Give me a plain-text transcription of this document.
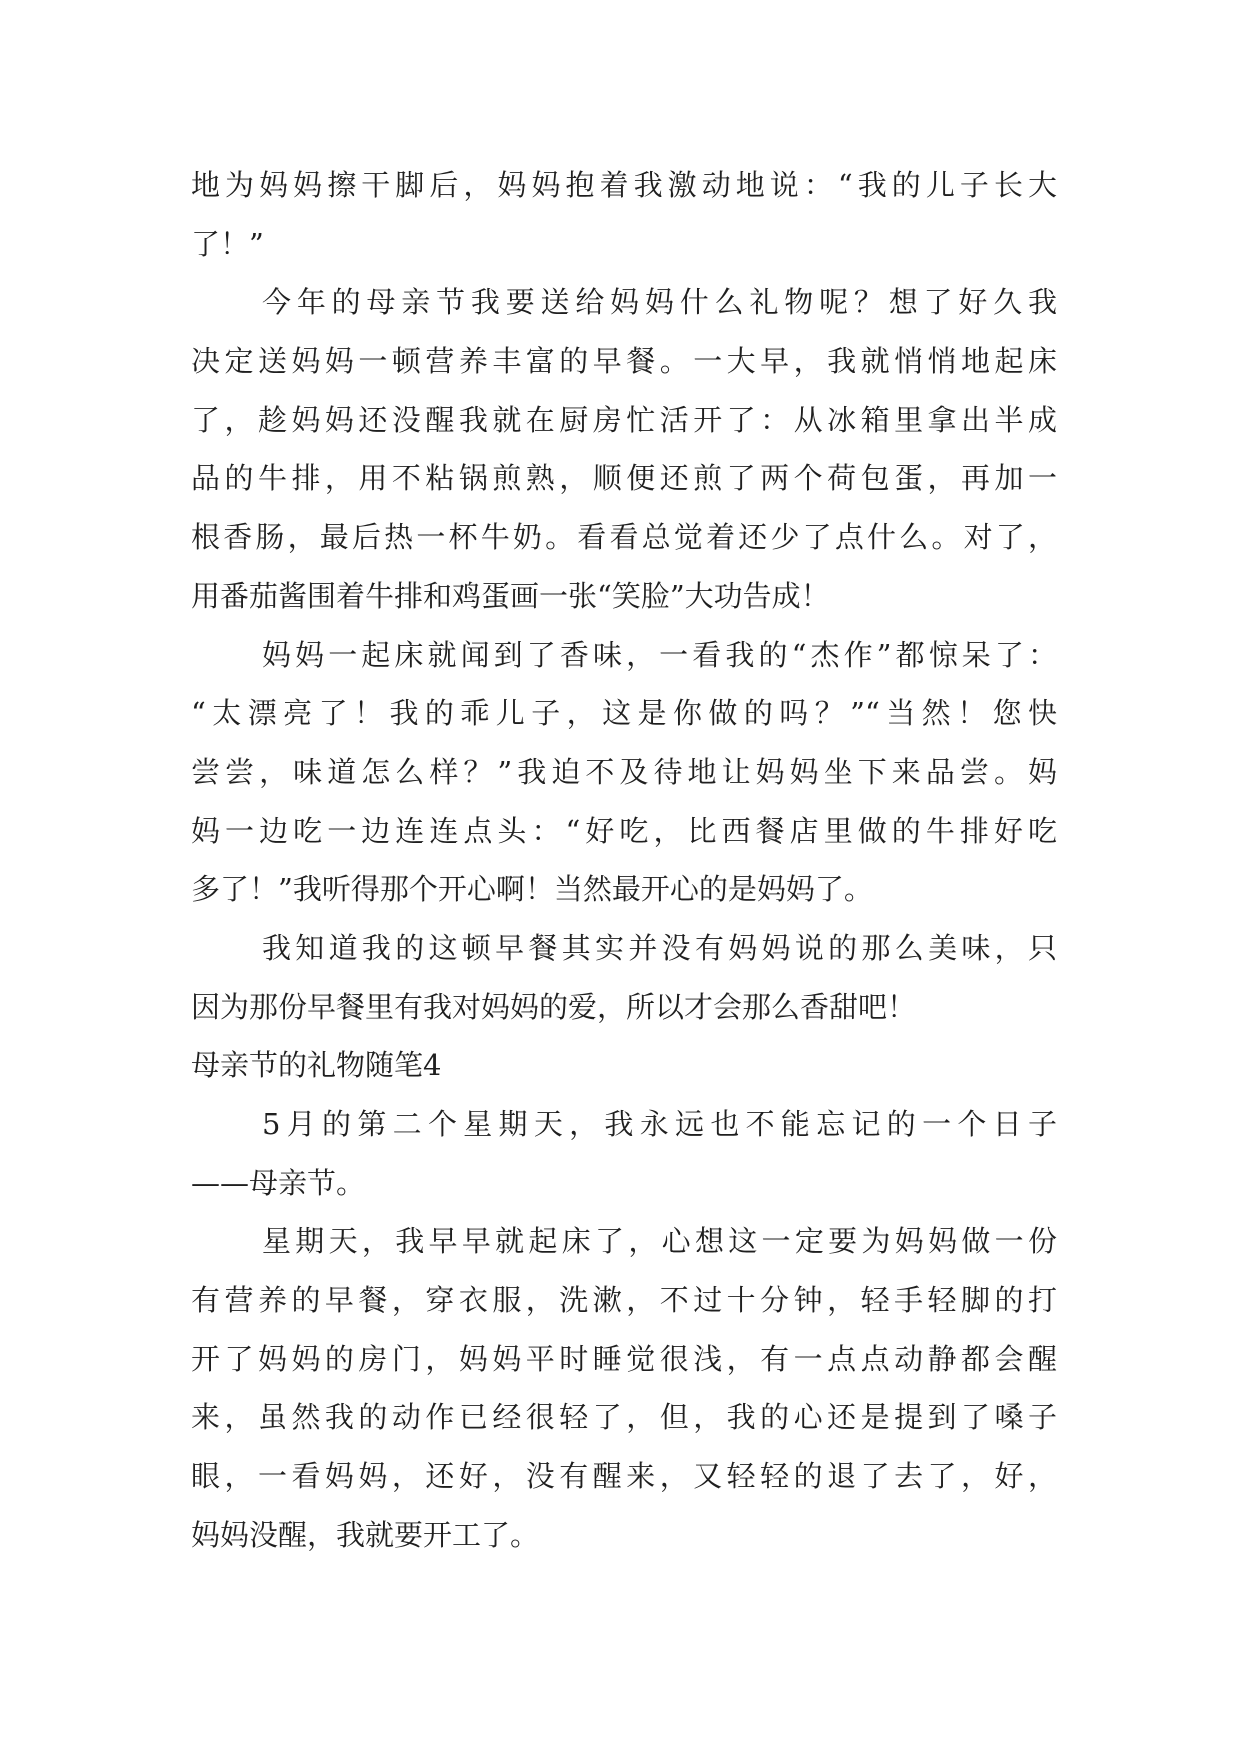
地为妈妈擦干脚后，妈妈抱着我激动地说：“我的儿子长大
了！”
今年的母亲节我要送给妈妈什么礼物呢？想了好久我
决定送妈妈一顿营养丰富的早餐。一大早，我就悄悄地起床
了，趁妈妈还没醒我就在厨房忙活开了：从冰箱里拿出半成
品的牛排，用不粘锅煎熟，顺便还煎了两个荷包蛋，再加一
根香肠，最后热一杯牛奶。看看总觉着还少了点什么。对了，
用番茄酱围着牛排和鸡蛋画一张“笑脸”大功告成！
妈妈一起床就闻到了香味，一看我的“杰作”都惊呆了：
“太漂亮了！我的乖儿子，这是你做的吗？”“当然！您快
尝尝，味道怎么样？”我迫不及待地让妈妈坐下来品尝。妈
妈一边吃一边连连点头：“好吃，比西餐店里做的牛排好吃
多了！”我听得那个开心啊！当然最开心的是妈妈了。
我知道我的这顿早餐其实并没有妈妈说的那么美味，只
因为那份早餐里有我对妈妈的爱，所以才会那么香甜吧！
母亲节的礼物随笔4
5月的第二个星期天，我永远也不能忘记的一个日子
——母亲节。
星期天，我早早就起床了，心想这一定要为妈妈做一份
有营养的早餐，穿衣服，洗漱，不过十分钟，轻手轻脚的打
开了妈妈的房门，妈妈平时睡觉很浅，有一点点动静都会醒
来，虽然我的动作已经很轻了，但，我的心还是提到了嗓子
眼，一看妈妈，还好，没有醒来，又轻轻的退了去了，好，
妈妈没醒，我就要开工了。
